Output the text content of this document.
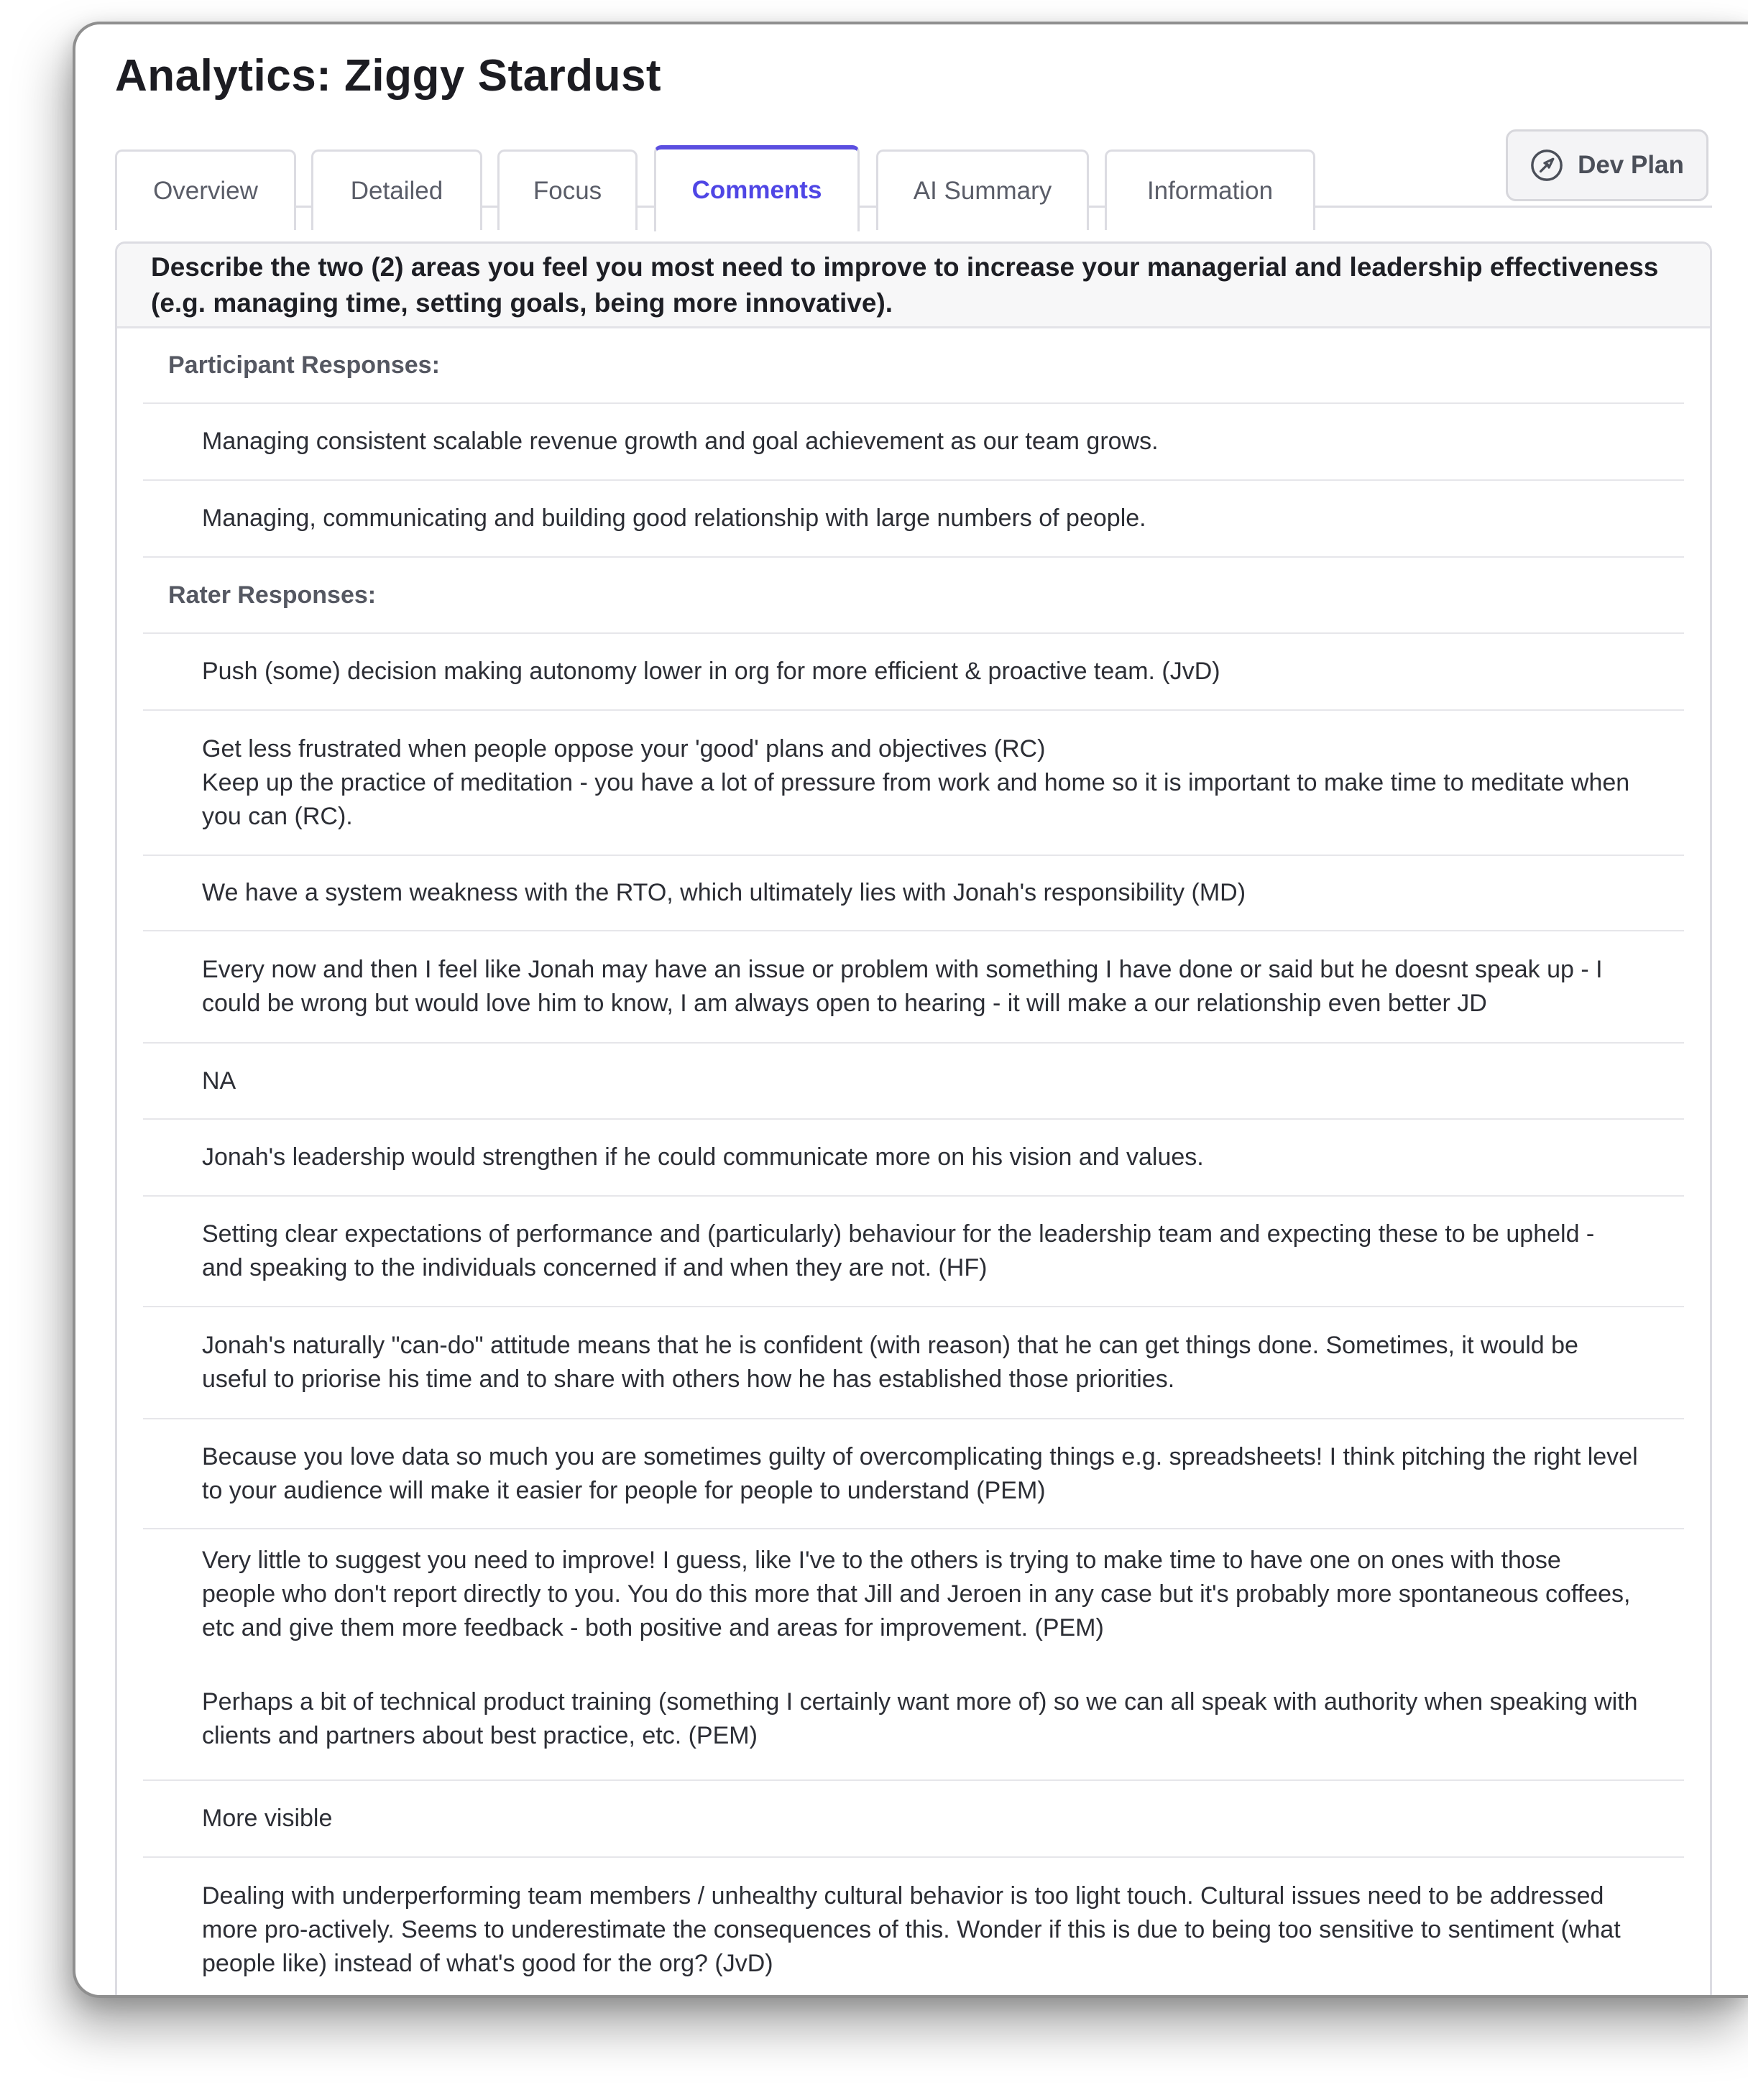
Analytics: Ziggy Stardust
Overview	Detailed	Focus	Comments	AI Summary	Information
Dev Plan
Describe the two (2) areas you feel you most need to improve to increase your managerial and leadership effectiveness (e.g. managing time, setting goals, being more innovative).
Participant Responses:
Managing consistent scalable revenue growth and goal achievement as our team grows.
Managing, communicating and building good relationship with large numbers of people.
Rater Responses:
Push (some) decision making autonomy lower in org for more efficient & proactive team. (JvD)
Get less frustrated when people oppose your 'good' plans and objectives (RC)
Keep up the practice of meditation - you have a lot of pressure from work and home so it is important to make time to meditate when you can (RC).
We have a system weakness with the RTO, which ultimately lies with Jonah's responsibility (MD)
Every now and then I feel like Jonah may have an issue or problem with something I have done or said but he doesnt speak up - I could be wrong but would love him to know, I am always open to hearing - it will make a our relationship even better JD
NA
Jonah's leadership would strengthen if he could communicate more on his vision and values.
Setting clear expectations of performance and (particularly) behaviour for the leadership team and expecting these to be upheld - and speaking to the individuals concerned if and when they are not. (HF)
Jonah's naturally "can-do" attitude means that he is confident (with reason) that he can get things done. Sometimes, it would be useful to priorise his time and to share with others how he has established those priorities.
Because you love data so much you are sometimes guilty of overcomplicating things e.g. spreadsheets! I think pitching the right level to your audience will make it easier for people for people to understand (PEM)
Very little to suggest you need to improve! I guess, like I've to the others is trying to make time to have one on ones with those people who don't report directly to you. You do this more that Jill and Jeroen in any case but it's probably more spontaneous coffees, etc and give them more feedback - both positive and areas for improvement. (PEM)
Perhaps a bit of technical product training (something I certainly want more of) so we can all speak with authority when speaking with clients and partners about best practice, etc. (PEM)
More visible
Dealing with underperforming team members / unhealthy cultural behavior is too light touch. Cultural issues need to be addressed more pro-actively. Seems to underestimate the consequences of this. Wonder if this is due to being too sensitive to sentiment (what people like) instead of what's good for the org? (JvD)
